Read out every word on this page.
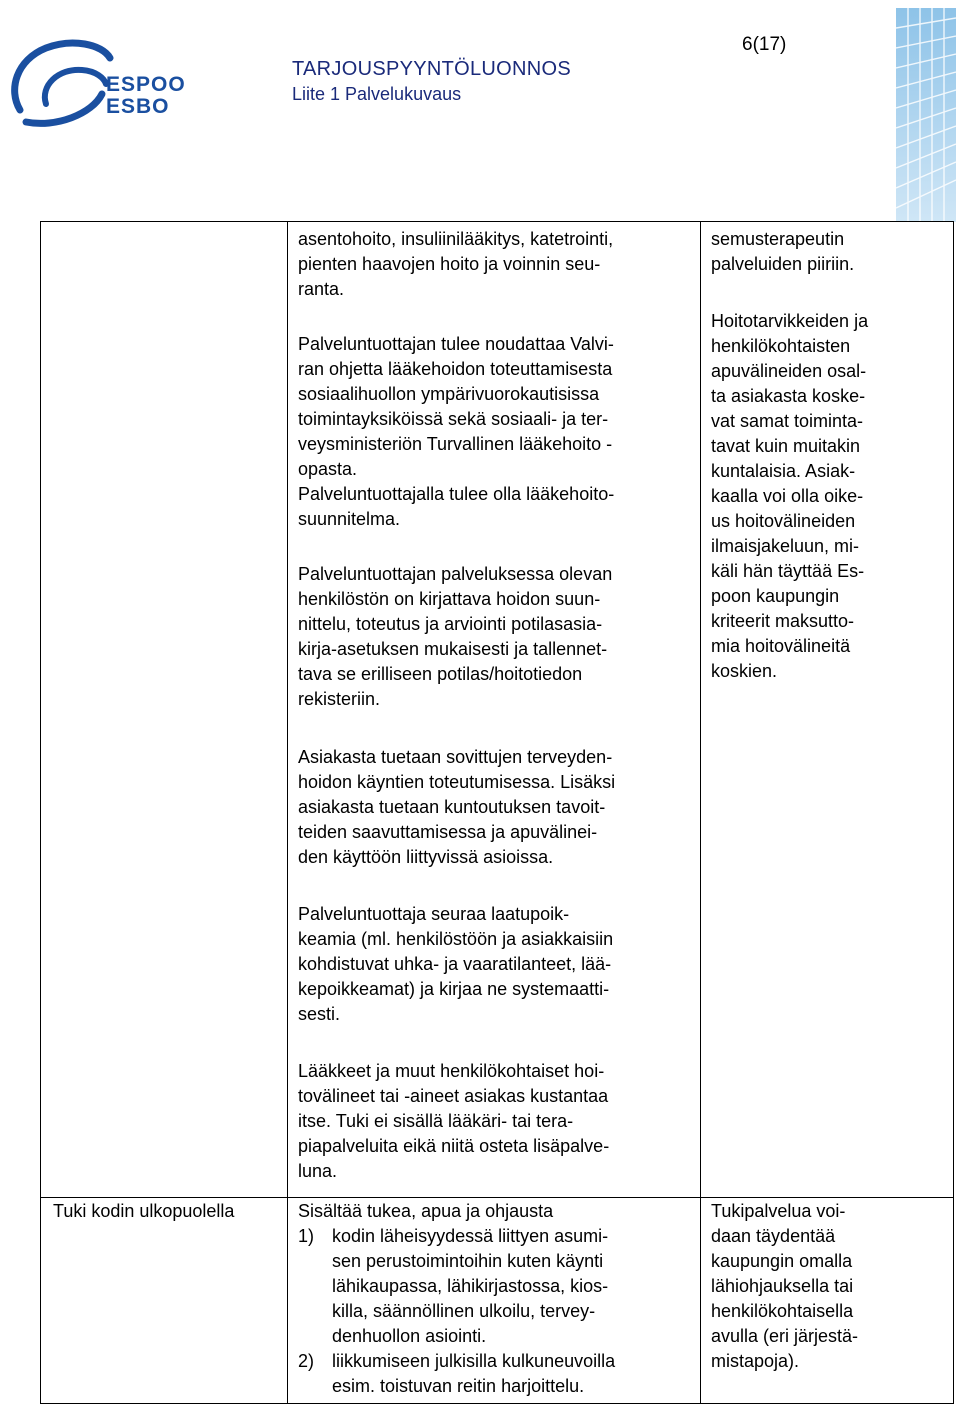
ESPOO
ESBO
TARJOUSPYYNTÖLUONNOS
Liite 1 Palvelukuvaus
6(17)

asentohoito, insuliinilääkitys, katetrointi,

pienten haavojen hoito ja voinnin seu-

ranta.

Palveluntuottajan tulee noudattaa Valvi-

ran ohjetta lääkehoidon toteuttamisesta

sosiaalihuollon ympärivuorokautisissa

toimintayksiköissä sekä sosiaali- ja ter-

veysministeriön Turvallinen lääkehoito -

opasta.

Palveluntuottajalla tulee olla lääkehoito-

suunnitelma.

Palveluntuottajan palveluksessa olevan

henkilöstön on kirjattava hoidon suun-

nittelu, toteutus ja arviointi potilasasia-

kirja-asetuksen mukaisesti ja tallennet-

tava se erilliseen potilas/hoitotiedon

rekisteriin.

Asiakasta tuetaan sovittujen terveyden-

hoidon käyntien toteutumisessa. Lisäksi

asiakasta tuetaan kuntoutuksen tavoit-

teiden saavuttamisessa ja apuvälinei-

den käyttöön liittyvissä asioissa.

Palveluntuottaja seuraa laatupoik-

keamia (ml. henkilöstöön ja asiakkaisiin

kohdistuvat uhka- ja vaaratilanteet, lää-

kepoikkeamat) ja kirjaa ne systemaatti-

sesti.

Lääkkeet ja muut henkilökohtaiset hoi-

tovälineet tai -aineet asiakas kustantaa

itse. Tuki ei sisällä lääkäri- tai tera-

piapalveluita eikä niitä osteta lisäpalve-

luna.

semusterapeutin

palveluiden piiriin.

Hoitotarvikkeiden ja

henkilökohtaisten

apuvälineiden osal-

ta asiakasta koske-

vat samat toiminta-

tavat kuin muitakin

kuntalaisia. Asiak-

kaalla voi olla oike-

us hoitovälineiden

ilmaisjakeluun, mi-

käli hän täyttää Es-

poon kaupungin

kriteerit maksutto-

mia hoitovälineitä

koskien.

Tuki kodin ulkopuolella	Sisältää tukea, apua ja ohjausta

1) kodin läheisyydessä liittyen asumi-

sen perustoimintoihin kuten käynti

lähikaupassa, lähikirjastossa, kios-

killa, säännöllinen ulkoilu, tervey-

denhuollon asiointi.

2) liikkumiseen julkisilla kulkuneuvoilla

esim. toistuvan reitin harjoittelu.

Tukipalvelua voi-

daan täydentää

kaupungin omalla

lähiohjauksella tai

henkilökohtaisella

avulla (eri järjestä-

mistapoja).
